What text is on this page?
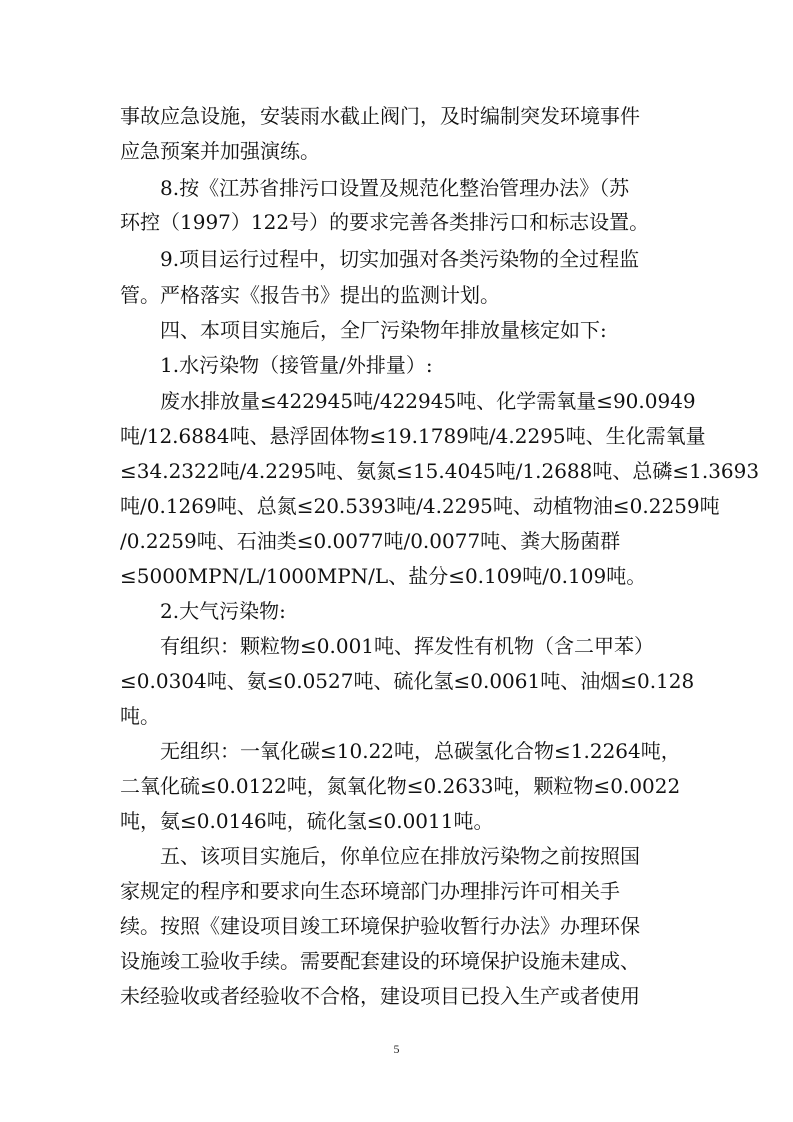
事故应急设施，安装雨水截止阀门，及时编制突发环境事件
应急预案并加强演练。
8.按《江苏省排污口设置及规范化整治管理办法》（苏
环控（1997）122号）的要求完善各类排污口和标志设置。
9.项目运行过程中，切实加强对各类污染物的全过程监
管。严格落实《报告书》提出的监测计划。
四、本项目实施后，全厂污染物年排放量核定如下:
1.水污染物（接管量/外排量）:
废水排放量≤422945吨/422945吨、化学需氧量≤90.0949
吨/12.6884吨、悬浮固体物≤19.1789吨/4.2295吨、生化需氧量
≤34.2322吨/4.2295吨、氨氮≤15.4045吨/1.2688吨、总磷≤1.3693
吨/0.1269吨、总氮≤20.5393吨/4.2295吨、动植物油≤0.2259吨
/0.2259吨、石油类≤0.0077吨/0.0077吨、粪大肠菌群
≤5000MPN/L/1000MPN/L、盐分≤0.109吨/0.109吨。
2.大气污染物:
有组织：颗粒物≤0.001吨、挥发性有机物（含二甲苯）
≤0.0304吨、氨≤0.0527吨、硫化氢≤0.0061吨、油烟≤0.128
吨。
无组织：一氧化碳≤10.22吨，总碳氢化合物≤1.2264吨，
二氧化硫≤0.0122吨，氮氧化物≤0.2633吨，颗粒物≤0.0022
吨，氨≤0.0146吨，硫化氢≤0.0011吨。
五、该项目实施后，你单位应在排放污染物之前按照国
家规定的程序和要求向生态环境部门办理排污许可相关手
续。按照《建设项目竣工环境保护验收暂行办法》办理环保
设施竣工验收手续。需要配套建设的环境保护设施未建成、
未经验收或者经验收不合格，建设项目已投入生产或者使用
5
